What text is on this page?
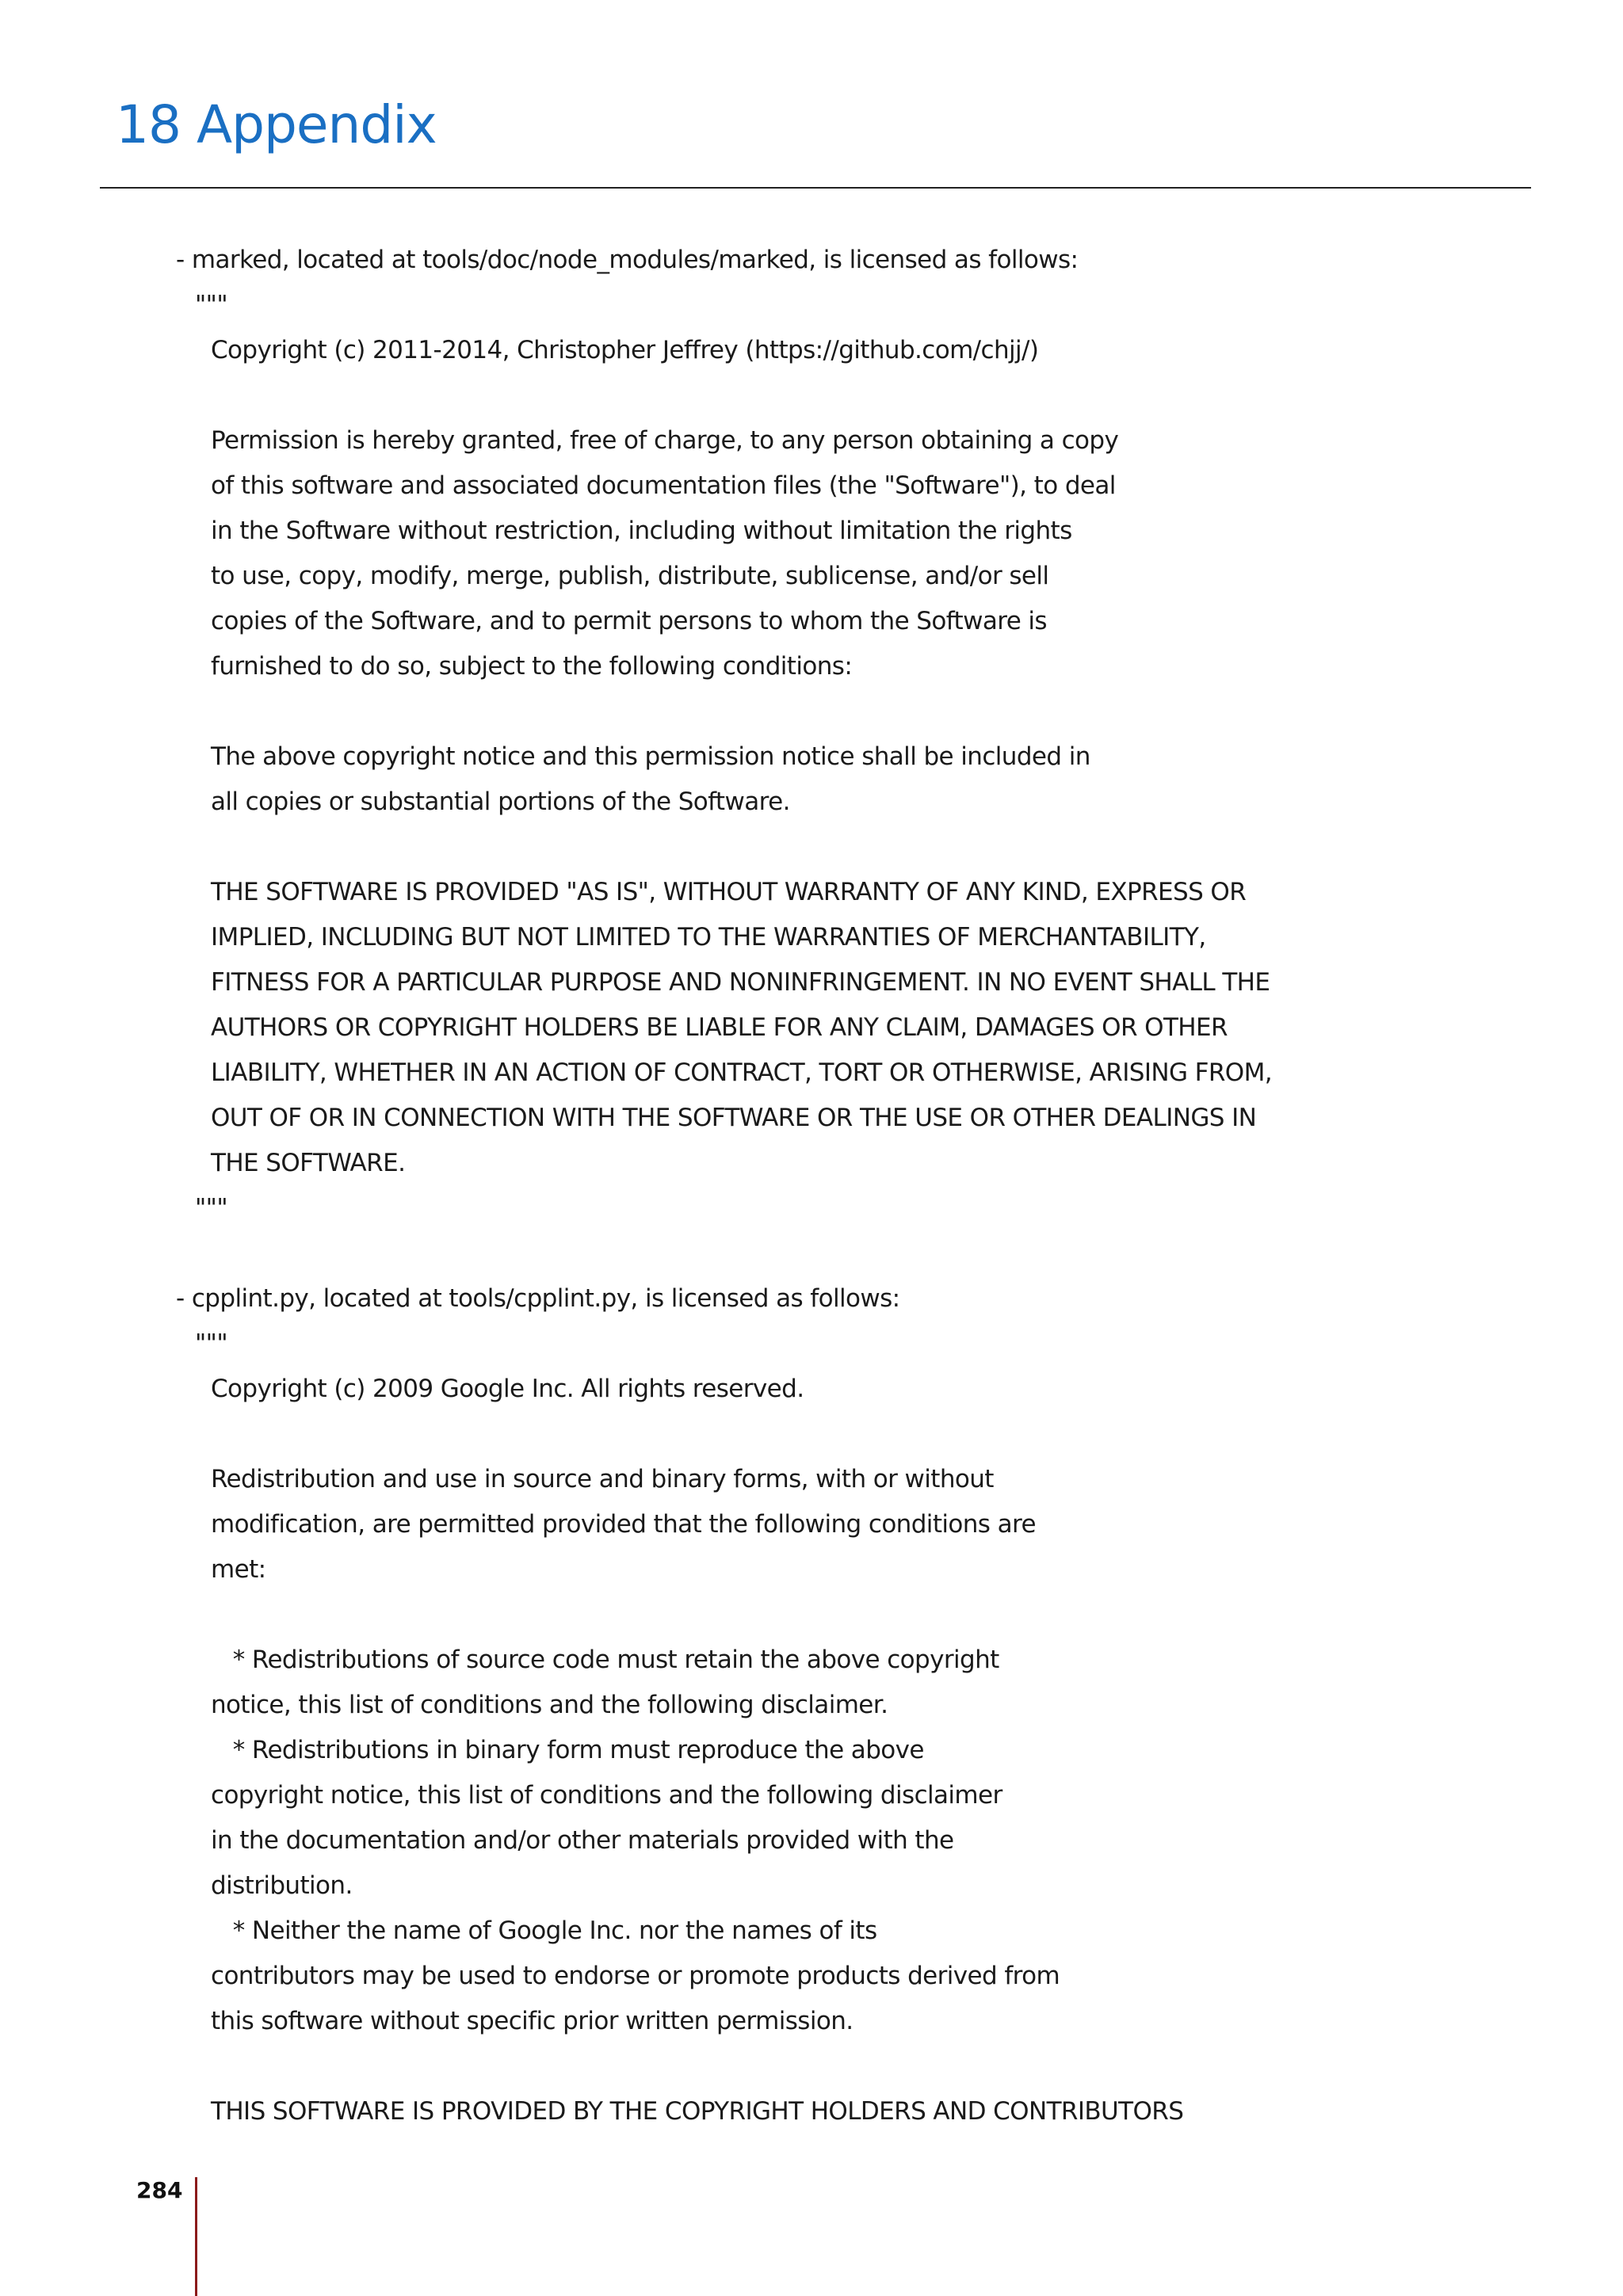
18 Appendix
- marked, located at tools/doc/node_modules/marked, is licensed as follows:
"""
Copyright (c) 2011-2014, Christopher Jeffrey (https://github.com/chjj/)
Permission is hereby granted, free of charge, to any person obtaining a copy
of this software and associated documentation files (the "Software"), to deal
in the Software without restriction, including without limitation the rights
to use, copy, modify, merge, publish, distribute, sublicense, and/or sell
copies of the Software, and to permit persons to whom the Software is
furnished to do so, subject to the following conditions:
The above copyright notice and this permission notice shall be included in
all copies or substantial portions of the Software.
THE SOFTWARE IS PROVIDED "AS IS", WITHOUT WARRANTY OF ANY KIND, EXPRESS OR
IMPLIED, INCLUDING BUT NOT LIMITED TO THE WARRANTIES OF MERCHANTABILITY,
FITNESS FOR A PARTICULAR PURPOSE AND NONINFRINGEMENT. IN NO EVENT SHALL THE
AUTHORS OR COPYRIGHT HOLDERS BE LIABLE FOR ANY CLAIM, DAMAGES OR OTHER
LIABILITY, WHETHER IN AN ACTION OF CONTRACT, TORT OR OTHERWISE, ARISING FROM,
OUT OF OR IN CONNECTION WITH THE SOFTWARE OR THE USE OR OTHER DEALINGS IN
THE SOFTWARE.
"""
- cpplint.py, located at tools/cpplint.py, is licensed as follows:
"""
Copyright (c) 2009 Google Inc. All rights reserved.
Redistribution and use in source and binary forms, with or without
modification, are permitted provided that the following conditions are
met:
* Redistributions of source code must retain the above copyright
notice, this list of conditions and the following disclaimer.
* Redistributions in binary form must reproduce the above
copyright notice, this list of conditions and the following disclaimer
in the documentation and/or other materials provided with the
distribution.
* Neither the name of Google Inc. nor the names of its
contributors may be used to endorse or promote products derived from
this software without specific prior written permission.
THIS SOFTWARE IS PROVIDED BY THE COPYRIGHT HOLDERS AND CONTRIBUTORS
284
